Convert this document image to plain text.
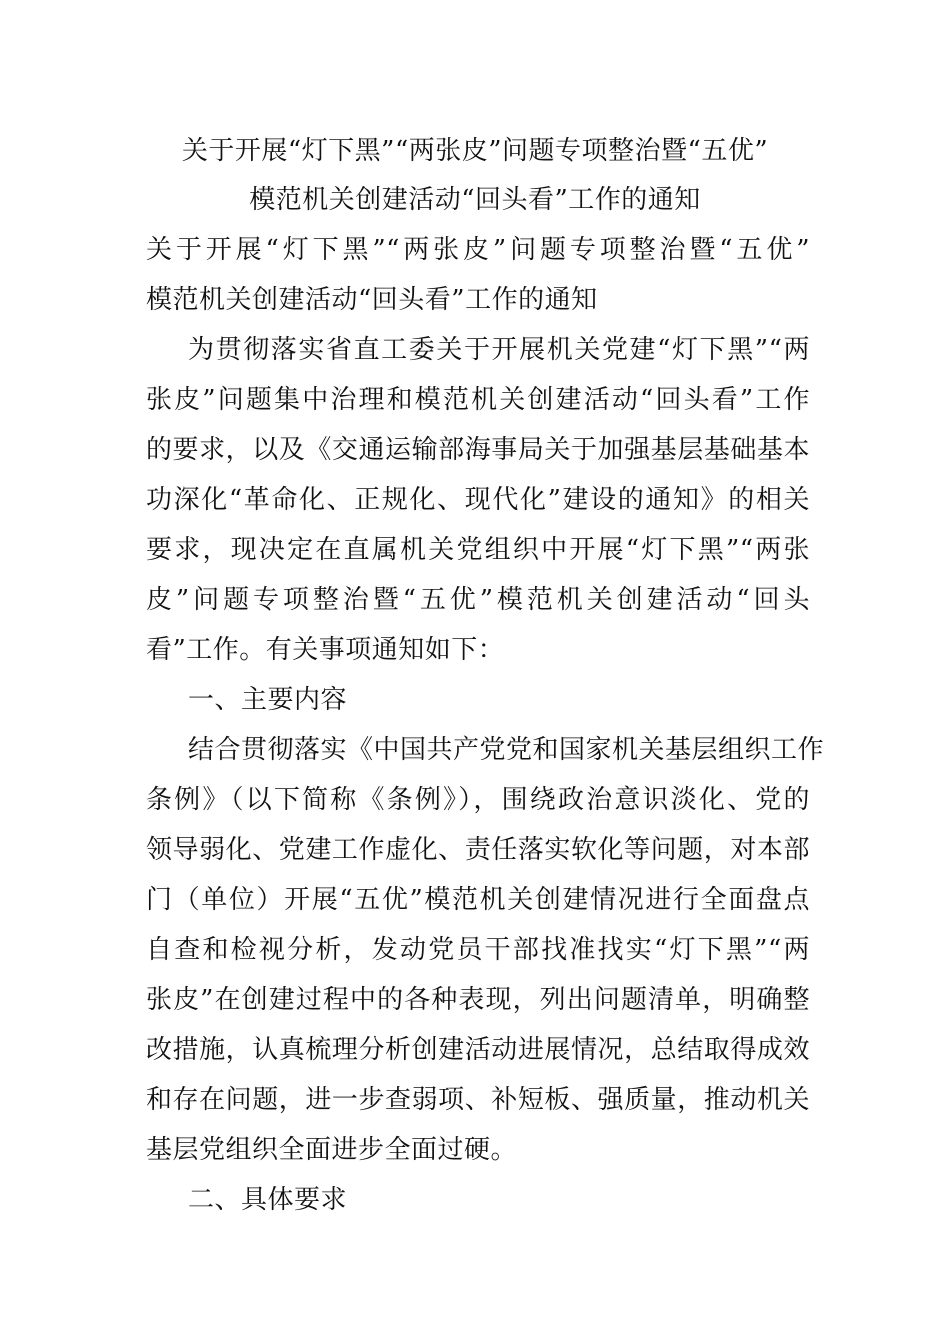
关于开展“灯下黑”“两张皮”问题专项整治暨“五优”
模范机关创建活动“回头看”工作的通知
关于开展“灯下黑”“两张皮”问题专项整治暨“五优”
模范机关创建活动“回头看”工作的通知
为贯彻落实省直工委关于开展机关党建“灯下黑”“两
张皮”问题集中治理和模范机关创建活动“回头看”工作
的要求，以及《交通运输部海事局关于加强基层基础基本
功深化“革命化、正规化、现代化”建设的通知》的相关
要求，现决定在直属机关党组织中开展“灯下黑”“两张
皮”问题专项整治暨“五优”模范机关创建活动“回头
看”工作。有关事项通知如下：
一、主要内容
结合贯彻落实《中国共产党党和国家机关基层组织工作
条例》（以下简称《条例》），围绕政治意识淡化、党的
领导弱化、党建工作虚化、责任落实软化等问题，对本部
门（单位）开展“五优”模范机关创建情况进行全面盘点
自查和检视分析，发动党员干部找准找实“灯下黑”“两
张皮”在创建过程中的各种表现，列出问题清单，明确整
改措施，认真梳理分析创建活动进展情况，总结取得成效
和存在问题，进一步查弱项、补短板、强质量，推动机关
基层党组织全面进步全面过硬。
二、具体要求
